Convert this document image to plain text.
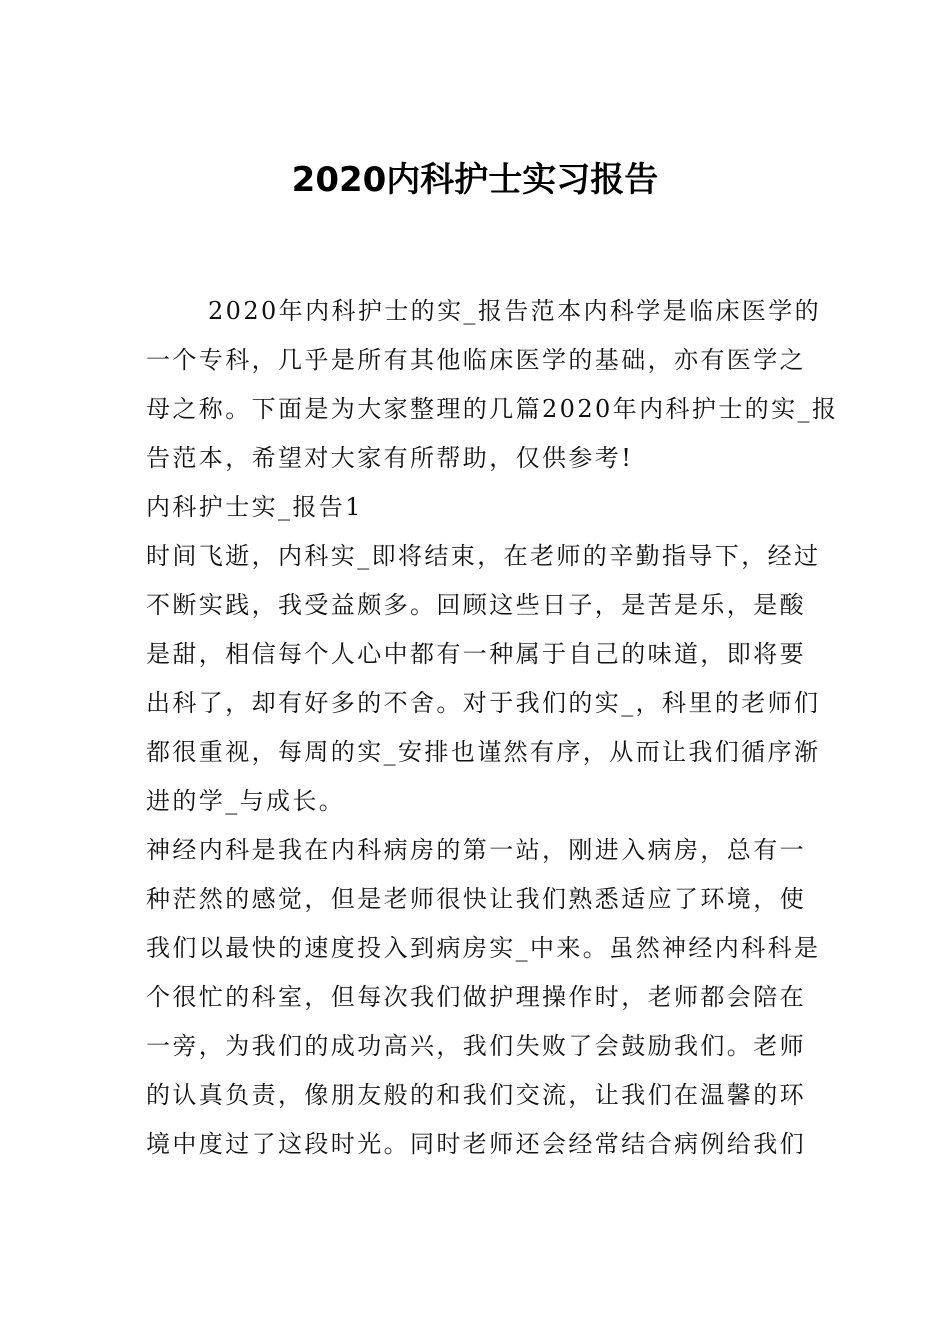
2020内科护士实习报告
2020年内科护士的实_报告范本内科学是临床医学的
一个专科，几乎是所有其他临床医学的基础，亦有医学之
母之称。下面是为大家整理的几篇2020年内科护士的实_报
告范本，希望对大家有所帮助，仅供参考!
内科护士实_报告1
时间飞逝，内科实_即将结束，在老师的辛勤指导下，经过
不断实践，我受益颇多。回顾这些日子，是苦是乐，是酸
是甜，相信每个人心中都有一种属于自己的味道，即将要
出科了，却有好多的不舍。对于我们的实_，科里的老师们
都很重视，每周的实_安排也谨然有序，从而让我们循序渐
进的学_与成长。
神经内科是我在内科病房的第一站，刚进入病房，总有一
种茫然的感觉，但是老师很快让我们熟悉适应了环境，使
我们以最快的速度投入到病房实_中来。虽然神经内科科是
个很忙的科室，但每次我们做护理操作时，老师都会陪在
一旁，为我们的成功高兴，我们失败了会鼓励我们。老师
的认真负责，像朋友般的和我们交流，让我们在温馨的环
境中度过了这段时光。同时老师还会经常结合病例给我们
